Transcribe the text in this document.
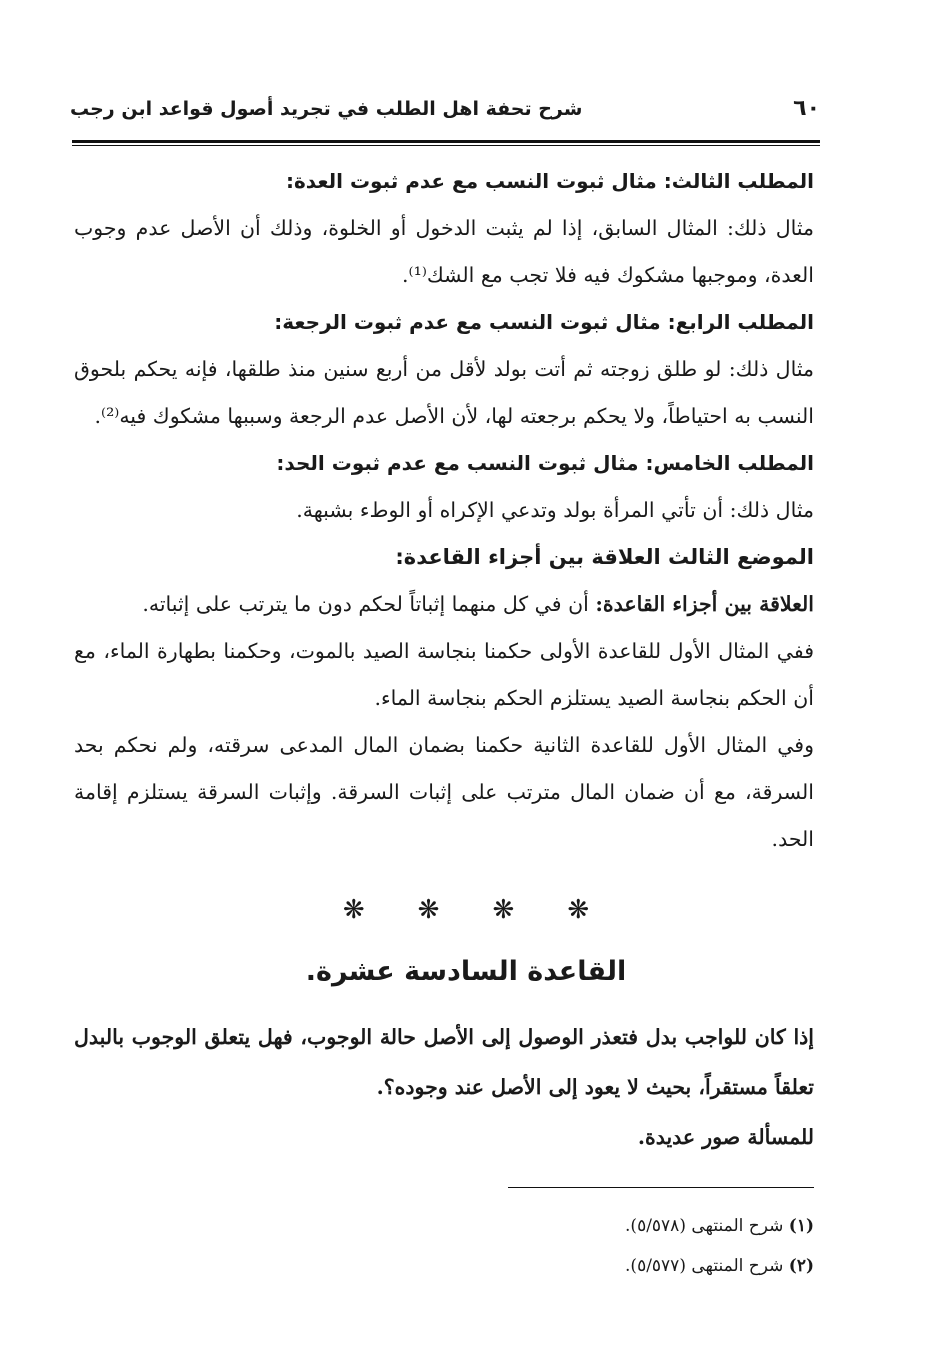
٦٠
شرح تحفة اهل الطلب في تجريد أصول قواعد ابن رجب

المطلب الثالث: مثال ثبوت النسب مع عدم ثبوت العدة:

مثال ذلك: المثال السابق، إذا لم يثبت الدخول أو الخلوة، وذلك أن الأصل عدم وجوب العدة، وموجبها مشكوك فيه فلا تجب مع الشك⁽¹⁾.

المطلب الرابع: مثال ثبوت النسب مع عدم ثبوت الرجعة:

مثال ذلك: لو طلق زوجته ثم أتت بولد لأقل من أربع سنين منذ طلقها، فإنه يحكم بلحوق النسب به احتياطاً، ولا يحكم برجعته لها، لأن الأصل عدم الرجعة وسببها مشكوك فيه⁽²⁾.

المطلب الخامس: مثال ثبوت النسب مع عدم ثبوت الحد:

مثال ذلك: أن تأتي المرأة بولد وتدعي الإكراه أو الوطء بشبهة.

الموضع الثالث العلاقة بين أجزاء القاعدة:

العلاقة بين أجزاء القاعدة: أن في كل منهما إثباتاً لحكم دون ما يترتب على إثباته.

ففي المثال الأول للقاعدة الأولى حكمنا بنجاسة الصيد بالموت، وحكمنا بطهارة الماء، مع أن الحكم بنجاسة الصيد يستلزم الحكم بنجاسة الماء.

وفي المثال الأول للقاعدة الثانية حكمنا بضمان المال المدعى سرقته، ولم نحكم بحد السرقة، مع أن ضمان المال مترتب على إثبات السرقة. وإثبات السرقة يستلزم إقامة الحد.

❋ ❋ ❋ ❋
القاعدة السادسة عشرة.

إذا كان للواجب بدل فتعذر الوصول إلى الأصل حالة الوجوب، فهل يتعلق الوجوب بالبدل تعلقاً مستقراً، بحيث لا يعود إلى الأصل عند وجوده؟.

للمسألة صور عديدة.

(١) شرح المنتهى (٥/٥٧٨).

(٢) شرح المنتهى (٥/٥٧٧).
